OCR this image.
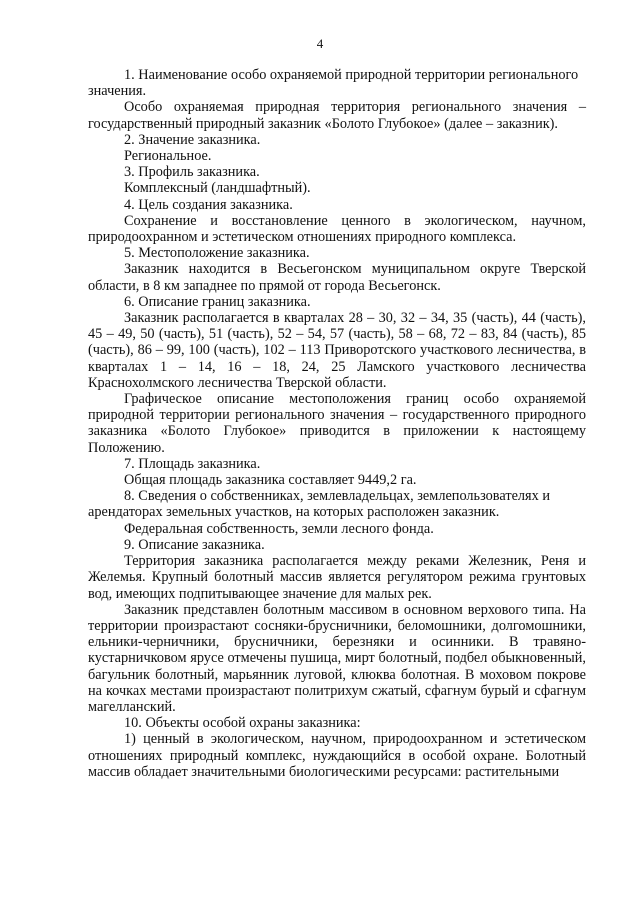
4

1. Наименование особо охраняемой природной территории регионального значения.

Особо охраняемая природная территория регионального значения – государственный природный заказник «Болото Глубокое» (далее – заказник).

2. Значение заказника.

Региональное.

3. Профиль заказника.

Комплексный (ландшафтный).

4. Цель создания заказника.

Сохранение и восстановление ценного в экологическом, научном, природоохранном и эстетическом отношениях природного комплекса.

5. Местоположение заказника.

Заказник находится в Весьегонском муниципальном округе Тверской области, в 8 км западнее по прямой от города Весьегонск.

6. Описание границ заказника.

Заказник располагается в кварталах 28 – 30, 32 – 34, 35 (часть), 44 (часть), 45 – 49, 50 (часть), 51 (часть), 52 – 54, 57 (часть), 58 – 68, 72 – 83, 84 (часть), 85 (часть), 86 – 99, 100 (часть), 102 – 113 Приворотского участкового лесничества, в кварталах 1 – 14, 16 – 18, 24, 25 Ламского участкового лесничества Краснохолмского лесничества Тверской области.

Графическое описание местоположения границ особо охраняемой природной территории регионального значения – государственного природного заказника «Болото Глубокое» приводится в приложении к настоящему Положению.

7. Площадь заказника.

Общая площадь заказника составляет 9449,2 га.

8. Сведения о собственниках, землевладельцах, землепользователях и арендаторах земельных участков, на которых расположен заказник.

Федеральная собственность, земли лесного фонда.

9. Описание заказника.

Территория заказника располагается между реками Железник, Реня и Желемья. Крупный болотный массив является регулятором режима грунтовых вод, имеющих подпитывающее значение для малых рек.

Заказник представлен болотным массивом в основном верхового типа. На территории произрастают сосняки-брусничники, беломошники, долгомошники, ельники-черничники, брусничники, березняки и осинники. В травяно-кустарничковом ярусе отмечены пушица, мирт болотный, подбел обыкновенный, багульник болотный, марьянник луговой, клюква болотная. В моховом покрове на кочках местами произрастают политрихум сжатый, сфагнум бурый и сфагнум магелланский.

10. Объекты особой охраны заказника:

1) ценный в экологическом, научном, природоохранном и эстетическом отношениях природный комплекс, нуждающийся в особой охране. Болотный массив обладает значительными биологическими ресурсами: растительными
